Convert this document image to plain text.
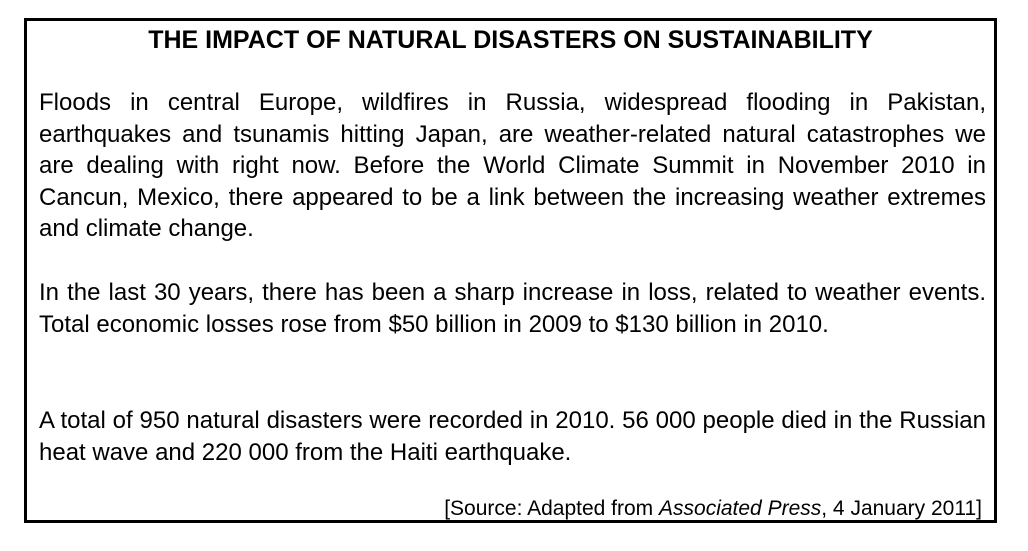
THE IMPACT OF NATURAL DISASTERS ON SUSTAINABILITY

Floods in central Europe, wildfires in Russia, widespread flooding in Pakistan, earthquakes and tsunamis hitting Japan, are weather-related natural catastrophes we are dealing with right now. Before the World Climate Summit in November 2010 in Cancun, Mexico, there appeared to be a link between the increasing weather extremes and climate change.

In the last 30 years, there has been a sharp increase in loss, related to weather events. Total economic losses rose from $50 billion in 2009 to $130 billion in 2010.

A total of 950 natural disasters were recorded in 2010. 56 000 people died in the Russian heat wave and 220 000 from the Haiti earthquake.

[Source: Adapted from Associated Press, 4 January 2011]
